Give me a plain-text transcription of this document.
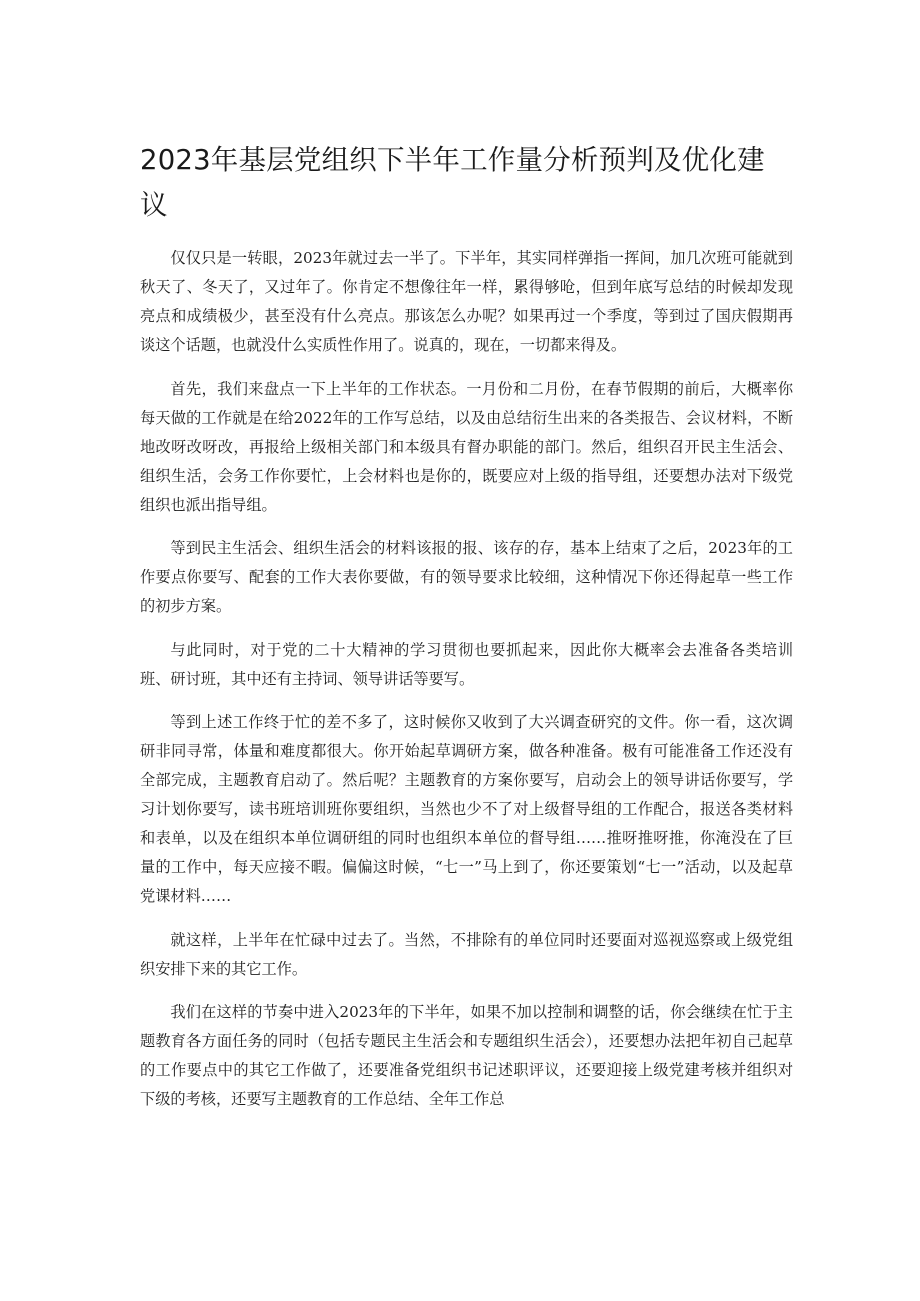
2023年基层党组织下半年工作量分析预判及优化建议

仅仅只是一转眼，2023年就过去一半了。下半年，其实同样弹指一挥间，加几次班可能就到秋天了、冬天了，又过年了。你肯定不想像往年一样，累得够呛，但到年底写总结的时候却发现亮点和成绩极少，甚至没有什么亮点。那该怎么办呢？如果再过一个季度，等到过了国庆假期再谈这个话题，也就没什么实质性作用了。说真的，现在，一切都来得及。

首先，我们来盘点一下上半年的工作状态。一月份和二月份，在春节假期的前后，大概率你每天做的工作就是在给2022年的工作写总结，以及由总结衍生出来的各类报告、会议材料，不断地改呀改呀改，再报给上级相关部门和本级具有督办职能的部门。然后，组织召开民主生活会、组织生活，会务工作你要忙，上会材料也是你的，既要应对上级的指导组，还要想办法对下级党组织也派出指导组。

等到民主生活会、组织生活会的材料该报的报、该存的存，基本上结束了之后，2023年的工作要点你要写、配套的工作大表你要做，有的领导要求比较细，这种情况下你还得起草一些工作的初步方案。

与此同时，对于党的二十大精神的学习贯彻也要抓起来，因此你大概率会去准备各类培训班、研讨班，其中还有主持词、领导讲话等要写。

等到上述工作终于忙的差不多了，这时候你又收到了大兴调查研究的文件。你一看，这次调研非同寻常，体量和难度都很大。你开始起草调研方案，做各种准备。极有可能准备工作还没有全部完成，主题教育启动了。然后呢？主题教育的方案你要写，启动会上的领导讲话你要写，学习计划你要写，读书班培训班你要组织，当然也少不了对上级督导组的工作配合，报送各类材料和表单，以及在组织本单位调研组的同时也组织本单位的督导组……推呀推呀推，你淹没在了巨量的工作中，每天应接不暇。偏偏这时候，“七一”马上到了，你还要策划“七一”活动，以及起草党课材料……

就这样，上半年在忙碌中过去了。当然，不排除有的单位同时还要面对巡视巡察或上级党组织安排下来的其它工作。

我们在这样的节奏中进入2023年的下半年，如果不加以控制和调整的话，你会继续在忙于主题教育各方面任务的同时（包括专题民主生活会和专题组织生活会），还要想办法把年初自己起草的工作要点中的其它工作做了，还要准备党组织书记述职评议，还要迎接上级党建考核并组织对下级的考核，还要写主题教育的工作总结、全年工作总
